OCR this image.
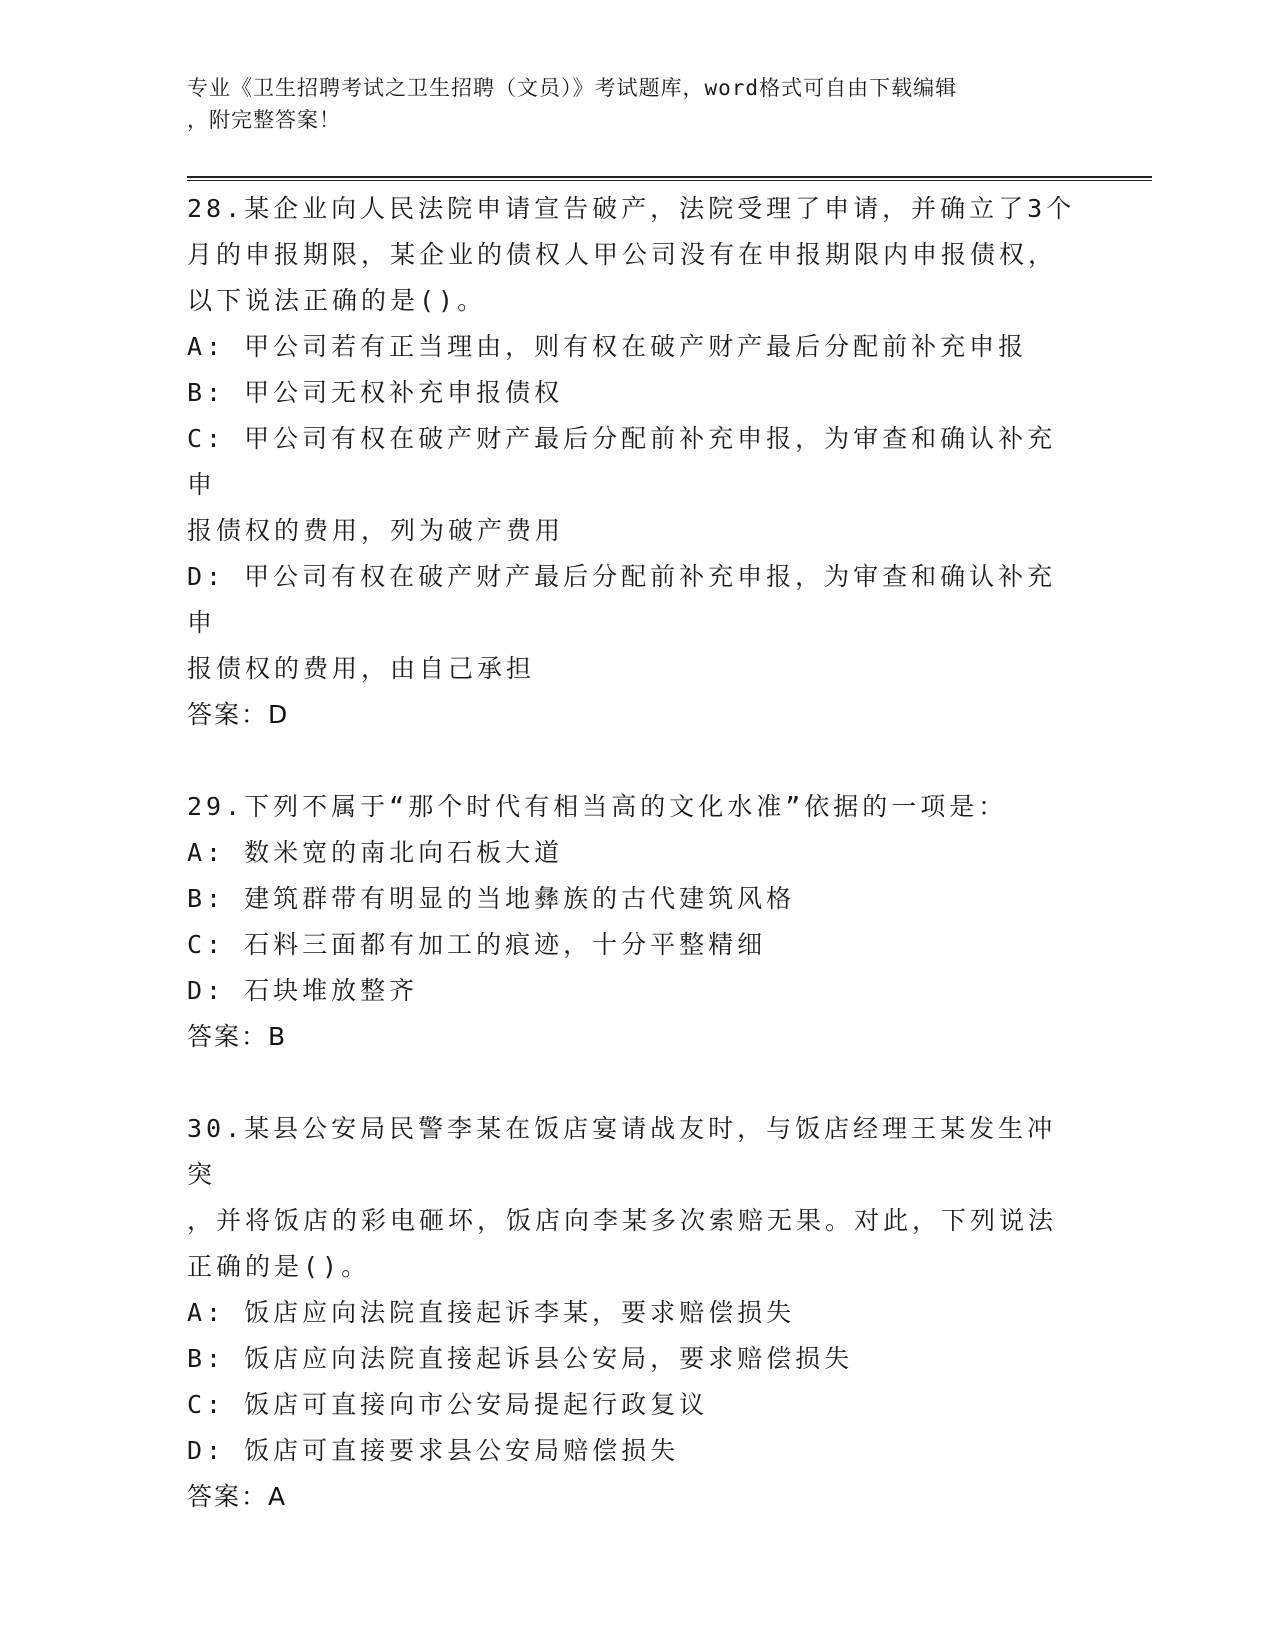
专业《卫生招聘考试之卫生招聘（文员）》考试题库，word格式可自由下载编辑
，附完整答案！
28.某企业向人民法院申请宣告破产，法院受理了申请，并确立了3个
月的申报期限，某企业的债权人甲公司没有在申报期限内申报债权，
以下说法正确的是()。
A: 甲公司若有正当理由，则有权在破产财产最后分配前补充申报
B: 甲公司无权补充申报债权
C: 甲公司有权在破产财产最后分配前补充申报，为审查和确认补充申
报债权的费用，列为破产费用
D: 甲公司有权在破产财产最后分配前补充申报，为审查和确认补充申
报债权的费用，由自己承担
答案：D
29.下列不属于“那个时代有相当高的文化水准”依据的一项是：
A: 数米宽的南北向石板大道
B: 建筑群带有明显的当地彝族的古代建筑风格
C: 石料三面都有加工的痕迹，十分平整精细
D: 石块堆放整齐
答案：B
30.某县公安局民警李某在饭店宴请战友时，与饭店经理王某发生冲突
，并将饭店的彩电砸坏，饭店向李某多次索赔无果。对此，下列说法
正确的是()。
A: 饭店应向法院直接起诉李某，要求赔偿损失
B: 饭店应向法院直接起诉县公安局，要求赔偿损失
C: 饭店可直接向市公安局提起行政复议
D: 饭店可直接要求县公安局赔偿损失
答案：A
